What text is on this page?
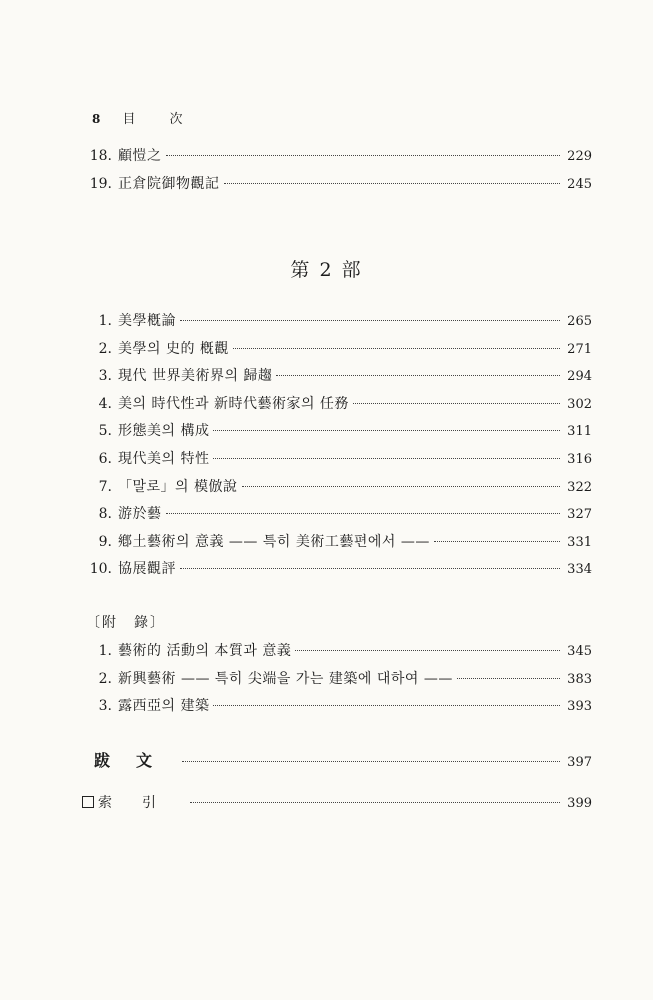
8 目次
18. 顧愷之	229
19. 正倉院御物觀記	245
第 2 部
1. 美學槪論	265
2. 美學의 史的 槪觀	271
3. 現代 世界美術界의 歸趨	294
4. 美의 時代性과 新時代藝術家의 任務	302
5. 形態美의 構成	311
6. 現代美의 特性	316
7. 「말로」의 模倣說	322
8. 游於藝	327
9. 鄕土藝術의 意義 —— 특히 美術工藝편에서 ——	331
10. 協展觀評	334
〔附　錄〕
1. 藝術的 活動의 本質과 意義	345
2. 新興藝術 —— 특히 尖端을 가는 建築에 대하여 ——	383
3. 露西亞의 建築	393
跋文	397
索引	399
